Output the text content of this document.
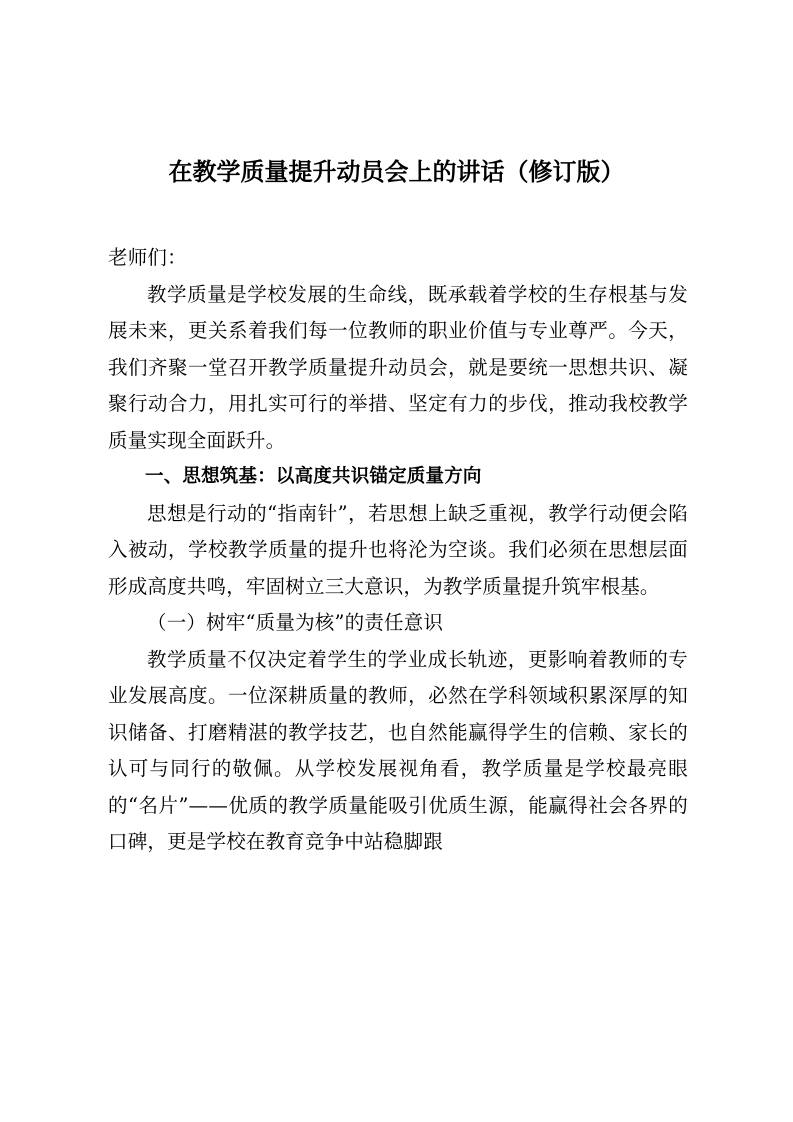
在教学质量提升动员会上的讲话（修订版）

老师们：

教学质量是学校发展的生命线，既承载着学校的生存根基与发展未来，更关系着我们每一位教师的职业价值与专业尊严。今天，我们齐聚一堂召开教学质量提升动员会，就是要统一思想共识、凝聚行动合力，用扎实可行的举措、坚定有力的步伐，推动我校教学质量实现全面跃升。

一、思想筑基：以高度共识锚定质量方向

思想是行动的“指南针”，若思想上缺乏重视，教学行动便会陷入被动，学校教学质量的提升也将沦为空谈。我们必须在思想层面形成高度共鸣，牢固树立三大意识，为教学质量提升筑牢根基。

（一）树牢“质量为核”的责任意识

教学质量不仅决定着学生的学业成长轨迹，更影响着教师的专业发展高度。一位深耕质量的教师，必然在学科领域积累深厚的知识储备、打磨精湛的教学技艺，也自然能赢得学生的信赖、家长的认可与同行的敬佩。从学校发展视角看，教学质量是学校最亮眼的“名片”——优质的教学质量能吸引优质生源，能赢得社会各界的口碑，更是学校在教育竞争中站稳脚跟
